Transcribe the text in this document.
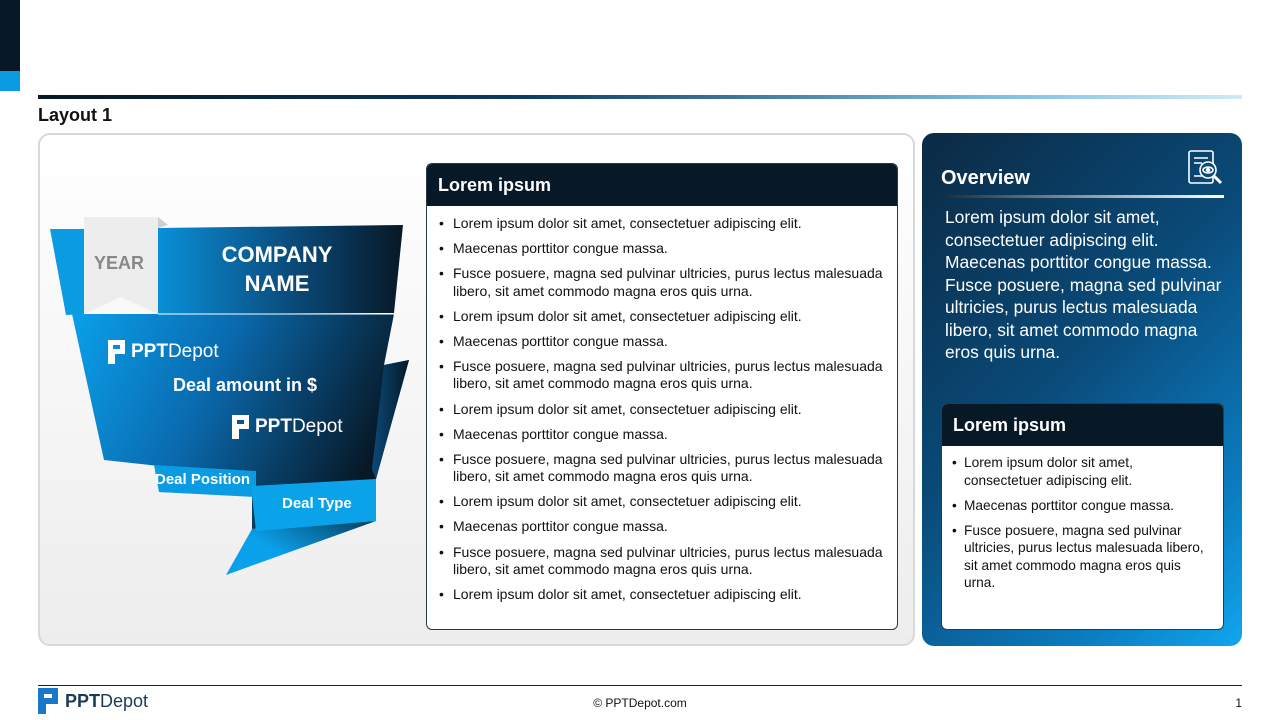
Layout 1
YEAR	COMPANY NAME
PPT Depot
Deal amount in $
PPT Depot
Deal Position
Deal Type
Lorem ipsum
• Lorem ipsum dolor sit amet, consectetuer adipiscing elit.
• Maecenas porttitor congue massa.
• Fusce posuere, magna sed pulvinar ultricies, purus lectus malesuada libero, sit amet commodo magna eros quis urna.
• Lorem ipsum dolor sit amet, consectetuer adipiscing elit.
• Maecenas porttitor congue massa.
• Fusce posuere, magna sed pulvinar ultricies, purus lectus malesuada libero, sit amet commodo magna eros quis urna.
• Lorem ipsum dolor sit amet, consectetuer adipiscing elit.
• Maecenas porttitor congue massa.
• Fusce posuere, magna sed pulvinar ultricies, purus lectus malesuada libero, sit amet commodo magna eros quis urna.
• Lorem ipsum dolor sit amet, consectetuer adipiscing elit.
• Maecenas porttitor congue massa.
• Fusce posuere, magna sed pulvinar ultricies, purus lectus malesuada libero, sit amet commodo magna eros quis urna.
• Lorem ipsum dolor sit amet, consectetuer adipiscing elit.
Overview
Lorem ipsum dolor sit amet, consectetuer adipiscing elit. Maecenas porttitor congue massa. Fusce posuere, magna sed pulvinar ultricies, purus lectus malesuada libero, sit amet commodo magna eros quis urna.
Lorem ipsum
• Lorem ipsum dolor sit amet, consectetuer adipiscing elit.
• Maecenas porttitor congue massa.
• Fusce posuere, magna sed pulvinar ultricies, purus lectus malesuada libero, sit amet commodo magna eros quis urna.
PPT Depot	© PPTDepot.com	1
